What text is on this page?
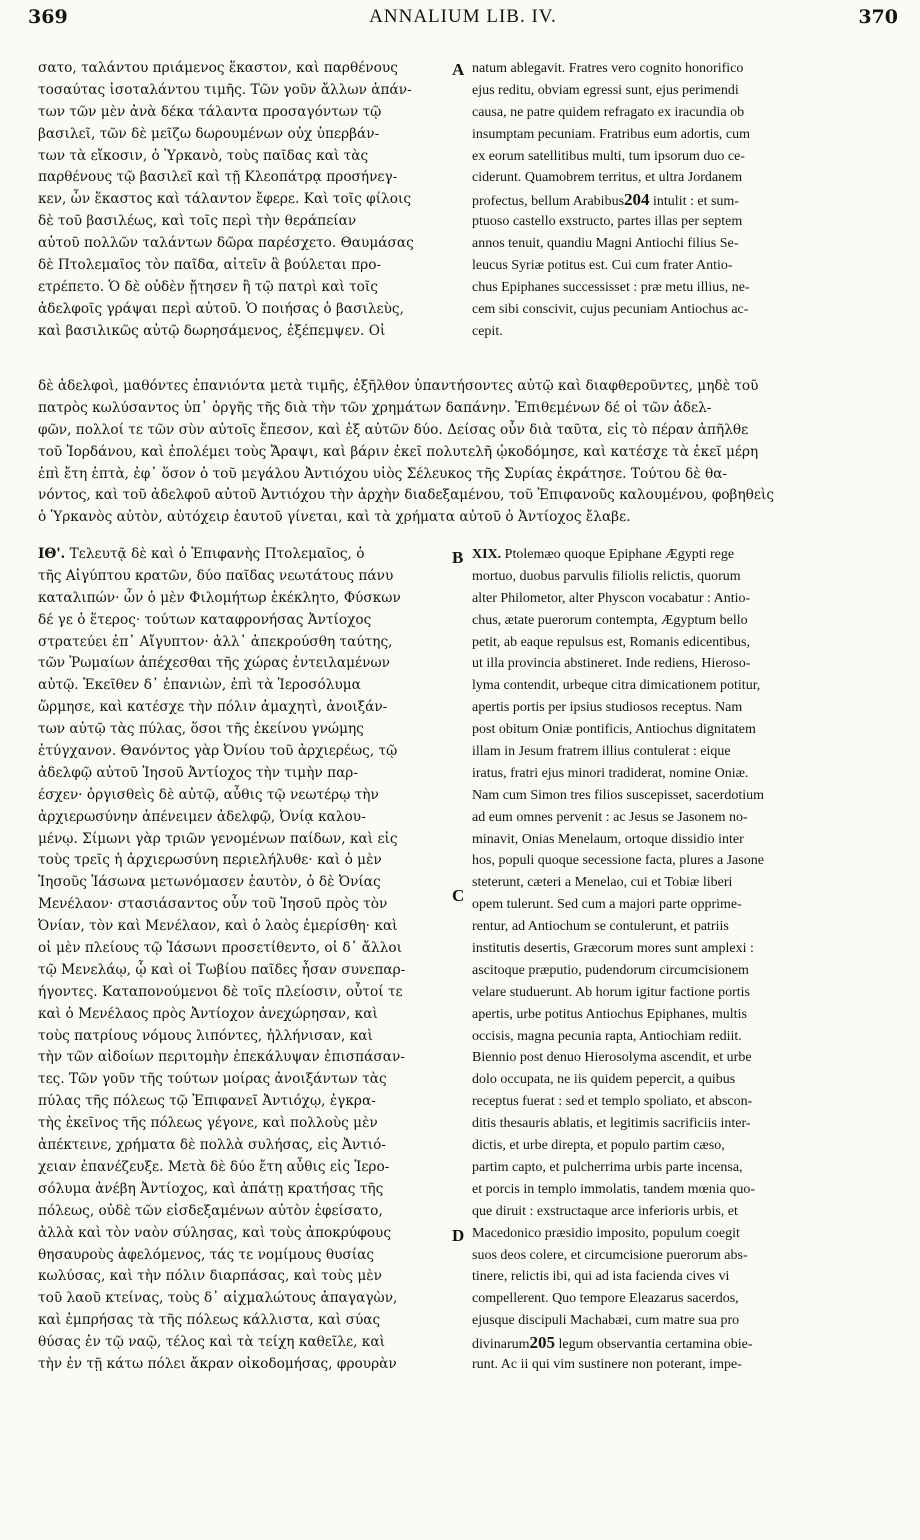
369	ANNALIUM LIB. IV.	370
A
B
C
D
σατο, ταλάντου πριάμενος ἕκαστον, καὶ παρθένους
τοσαύτας ἰσοταλάντου τιμῆς. Τῶν γοῦν ἄλλων ἁπάν-
των τῶν μὲν ἀνὰ δέκα τάλαντα προσαγόντων τῷ
βασιλεῖ, τῶν δὲ μεῖζω δωρουμένων οὐχ ὑπερβάν-
των τὰ εἴκοσιν, ὁ Ὑρκανὸ, τοὺς παῖδας καὶ τὰς
παρθένους τῷ βασιλεῖ καὶ τῇ Κλεοπάτρᾳ προσήνεγ-
κεν, ὧν ἕκαστος καὶ τάλαντον ἔφερε. Καὶ τοῖς φίλοις
δὲ τοῦ βασιλέως, καὶ τοῖς περὶ τὴν θεράπείαν
αὐτοῦ πολλῶν ταλάντων δῶρα παρέσχετο. Θαυμάσας
δὲ Πτολεμαῖος τὸν παῖδα, αἰτεῖν ἃ βούλεται προ-
ετρέπετο. Ὁ δὲ οὐδὲν ᾔτησεν ἢ τῷ πατρὶ καὶ τοῖς
ἀδελφοῖς γράψαι περὶ αὐτοῦ. Ὁ ποιήσας ὁ βασιλεὺς,
καὶ βασιλικῶς αὐτῷ δωρησάμενος, ἐξέπεμψεν. Οἱ
natum ablegavit. Fratres vero cognito honorifico
ejus reditu, obviam egressi sunt, ejus perimendi
causa, ne patre quidem refragato ex iracundia ob
insumptam pecuniam. Fratribus eum adortis, cum
ex eorum satellitibus multi, tum ipsorum duo ce-
ciderunt. Quamobrem territus, et ultra Jordanem
profectus, bellum Arabibus204 intulit : et sum-
ptuoso castello exstructo, partes illas per septem
annos tenuit, quandiu Magni Antiochi filius Se-
leucus Syriæ potitus est. Cui cum frater Antio-
chus Epiphanes successisset : præ metu illius, ne-
cem sibi conscivit, cujus pecuniam Antiochus ac-
cepit.
δὲ ἀδελφοὶ, μαθόντες ἐπανιόντα μετὰ τιμῆς, ἐξῆλθον ὑπαντήσοντες αὐτῷ καὶ διαφθεροῦντες, μηδὲ τοῦ
πατρὸς κωλύσαντος ὑπ᾽ ὀργῆς τῆς διὰ τὴν τῶν χρημάτων δαπάνην. Ἐπιθεμένων δέ οἱ τῶν ἀδελ-
φῶν, πολλοί τε τῶν σὺν αὐτοῖς ἔπεσον, καὶ ἐξ αὐτῶν δύο. Δείσας οὖν διὰ ταῦτα, εἰς τὸ πέραν ἀπῆλθε
τοῦ Ἰορδάνου, καὶ ἐπολέμει τοὺς Ἄραψι, καὶ βάριν ἐκεῖ πολυτελῆ ᾠκοδόμησε, καὶ κατέσχε τὰ ἐκεῖ μέρη
ἐπὶ ἔτη ἑπτὰ, ἐφ᾽ ὅσον ὁ τοῦ μεγάλου Ἀντιόχου υἱὸς Σέλευκος τῆς Συρίας ἐκράτησε. Τούτου δὲ θα-
νόντος, καὶ τοῦ ἀδελφοῦ αὐτοῦ Ἀντιόχου τὴν ἀρχὴν διαδεξαμένου, τοῦ Ἐπιφανοῦς καλουμένου, φοβηθεὶς
ὁ Ὑρκανὸς αὐτὸν, αὐτόχειρ ἑαυτοῦ γίνεται, καὶ τὰ χρήματα αὐτοῦ ὁ Ἀντίοχος ἔλαβε.
ΙΘ'. Τελευτᾷ δὲ καὶ ὁ Ἐπιφανὴς Πτολεμαῖος, ὁ
τῆς Αἰγύπτου κρατῶν, δύο παῖδας νεωτάτους πάνυ
καταλιπών· ὧν ὁ μὲν Φιλομήτωρ ἐκέκλητο, Φύσκων
δέ γε ὁ ἕτερος· τούτων καταφρονήσας Ἀντίοχος
στρατεύει ἐπ᾽ Αἴγυπτον· ἀλλ᾽ ἀπεκρούσθη ταύτης,
τῶν Ῥωμαίων ἀπέχεσθαι τῆς χώρας ἐντειλαμένων
αὐτῷ. Ἐκεῖθεν δ᾽ ἐπανιὼν, ἐπὶ τὰ Ἱεροσόλυμα
ὥρμησε, καὶ κατέσχε τὴν πόλιν ἀμαχητὶ, ἀνοιξάν-
των αὐτῷ τὰς πύλας, ὅσοι τῆς ἐκείνου γνώμης
ἐτύγχανον. Θανόντος γὰρ Ὀνίου τοῦ ἀρχιερέως, τῷ
ἀδελφῷ αὐτοῦ Ἰησοῦ Ἀντίοχος τὴν τιμὴν παρ-
έσχεν· ὀργισθεὶς δὲ αὐτῷ, αὖθις τῷ νεωτέρῳ τὴν
ἀρχιερωσύνην ἀπένειμεν ἀδελφῷ, Ὀνίᾳ καλου-
μένῳ. Σίμωνι γὰρ τριῶν γενομένων παίδων, καὶ εἰς
τοὺς τρεῖς ἡ ἀρχιερωσύνη περιελήλυθε· καὶ ὁ μὲν
Ἰησοῦς Ἰάσωνα μετωνόμασεν ἑαυτὸν, ὁ δὲ Ὀνίας
Μενέλαον· στασιάσαντος οὖν τοῦ Ἰησοῦ πρὸς τὸν
Ὀνίαν, τὸν καὶ Μενέλαον, καὶ ὁ λαὸς ἐμερίσθη· καὶ
οἱ μὲν πλείους τῷ Ἰάσωνι προσετίθεντο, οἱ δ᾽ ἄλλοι
τῷ Μενελάῳ, ᾧ καὶ οἱ Τωβίου παῖδες ἦσαν συνεπαρ-
ήγοντες. Καταπονούμενοι δὲ τοῖς πλείοσιν, οὗτοί τε
καὶ ὁ Μενέλαος πρὸς Ἀντίοχον ἀνεχώρησαν, καὶ
τοὺς πατρίους νόμους λιπόντες, ἡλλήνισαν, καὶ
τὴν τῶν αἰδοίων περιτομὴν ἐπεκάλυψαν ἐπισπάσαν-
τες. Τῶν γοῦν τῆς τούτων μοίρας ἀνοιξάντων τὰς
πύλας τῆς πόλεως τῷ Ἐπιφανεῖ Ἀντιόχῳ, ἐγκρα-
τὴς ἐκεῖνος τῆς πόλεως γέγονε, καὶ πολλοὺς μὲν
ἀπέκτεινε, χρήματα δὲ πολλὰ συλήσας, εἰς Ἀντιό-
χειαν ἐπανέζευξε. Μετὰ δὲ δύο ἔτη αὖθις εἰς Ἱερο-
σόλυμα ἀνέβη Ἀντίοχος, καὶ ἀπάτῃ κρατήσας τῆς
πόλεως, οὐδὲ τῶν εἰσδεξαμένων αὐτὸν ἐφείσατο,
ἀλλὰ καὶ τὸν ναὸν σύλησας, καὶ τοὺς ἀποκρύφους
θησαυροὺς ἀφελόμενος, τάς τε νομίμους θυσίας
κωλύσας, καὶ τὴν πόλιν διαρπάσας, καὶ τοὺς μὲν
τοῦ λαοῦ κτείνας, τοὺς δ᾽ αἰχμαλώτους ἀπαγαγὼν,
καὶ ἐμπρήσας τὰ τῆς πόλεως κάλλιστα, καὶ σύας
θύσας ἐν τῷ ναῷ, τέλος καὶ τὰ τείχη καθεῖλε, καὶ
τὴν ἐν τῇ κάτω πόλει ἄκραν οἰκοδομήσας, φρουρὰν
XIX. Ptolemæo quoque Epiphane Ægypti rege
mortuo, duobus parvulis filiolis relictis, quorum
alter Philometor, alter Physcon vocabatur : Antio-
chus, ætate puerorum contempta, Ægyptum bello
petit, ab eaque repulsus est, Romanis edicentibus,
ut illa provincia abstineret. Inde rediens, Hieroso-
lyma contendit, urbeque citra dimicationem potitur,
apertis portis per ipsius studiosos receptus. Nam
post obitum Oniæ pontificis, Antiochus dignitatem
illam in Jesum fratrem illius contulerat : eique
iratus, fratri ejus minori tradiderat, nomine Oniæ.
Nam cum Simon tres filios suscepisset, sacerdotium
ad eum omnes pervenit : ac Jesus se Jasonem no-
minavit, Onias Menelaum, ortoque dissidio inter
hos, populi quoque secessione facta, plures a Jasone
steterunt, cæteri a Menelao, cui et Tobiæ liberi
opem tulerunt. Sed cum a majori parte opprime-
rentur, ad Antiochum se contulerunt, et patriis
institutis desertis, Græcorum mores sunt amplexi :
ascitoque præputio, pudendorum circumcisionem
velare studuerunt. Ab horum igitur factione portis
apertis, urbe potitus Antiochus Epiphanes, multis
occisis, magna pecunia rapta, Antiochiam rediit.
Biennio post denuo Hierosolyma ascendit, et urbe
dolo occupata, ne iis quidem pepercit, a quibus
receptus fuerat : sed et templo spoliato, et abscon-
ditis thesauris ablatis, et legitimis sacrificiis inter-
dictis, et urbe direpta, et populo partim cæso,
partim capto, et pulcherrima urbis parte incensa,
et porcis in templo immolatis, tandem mœnia quo-
que diruit : exstructaque arce inferioris urbis, et
Macedonico præsidio imposito, populum coegit
suos deos colere, et circumcisione puerorum abs-
tinere, relictis ibi, qui ad ista facienda cives vi
compellerent. Quo tempore Eleazarus sacerdos,
ejusque discipuli Machabæi, cum matre sua pro
divinarum205 legum observantia certamina obie-
runt. Ac ii qui vim sustinere non poterant, impe-
